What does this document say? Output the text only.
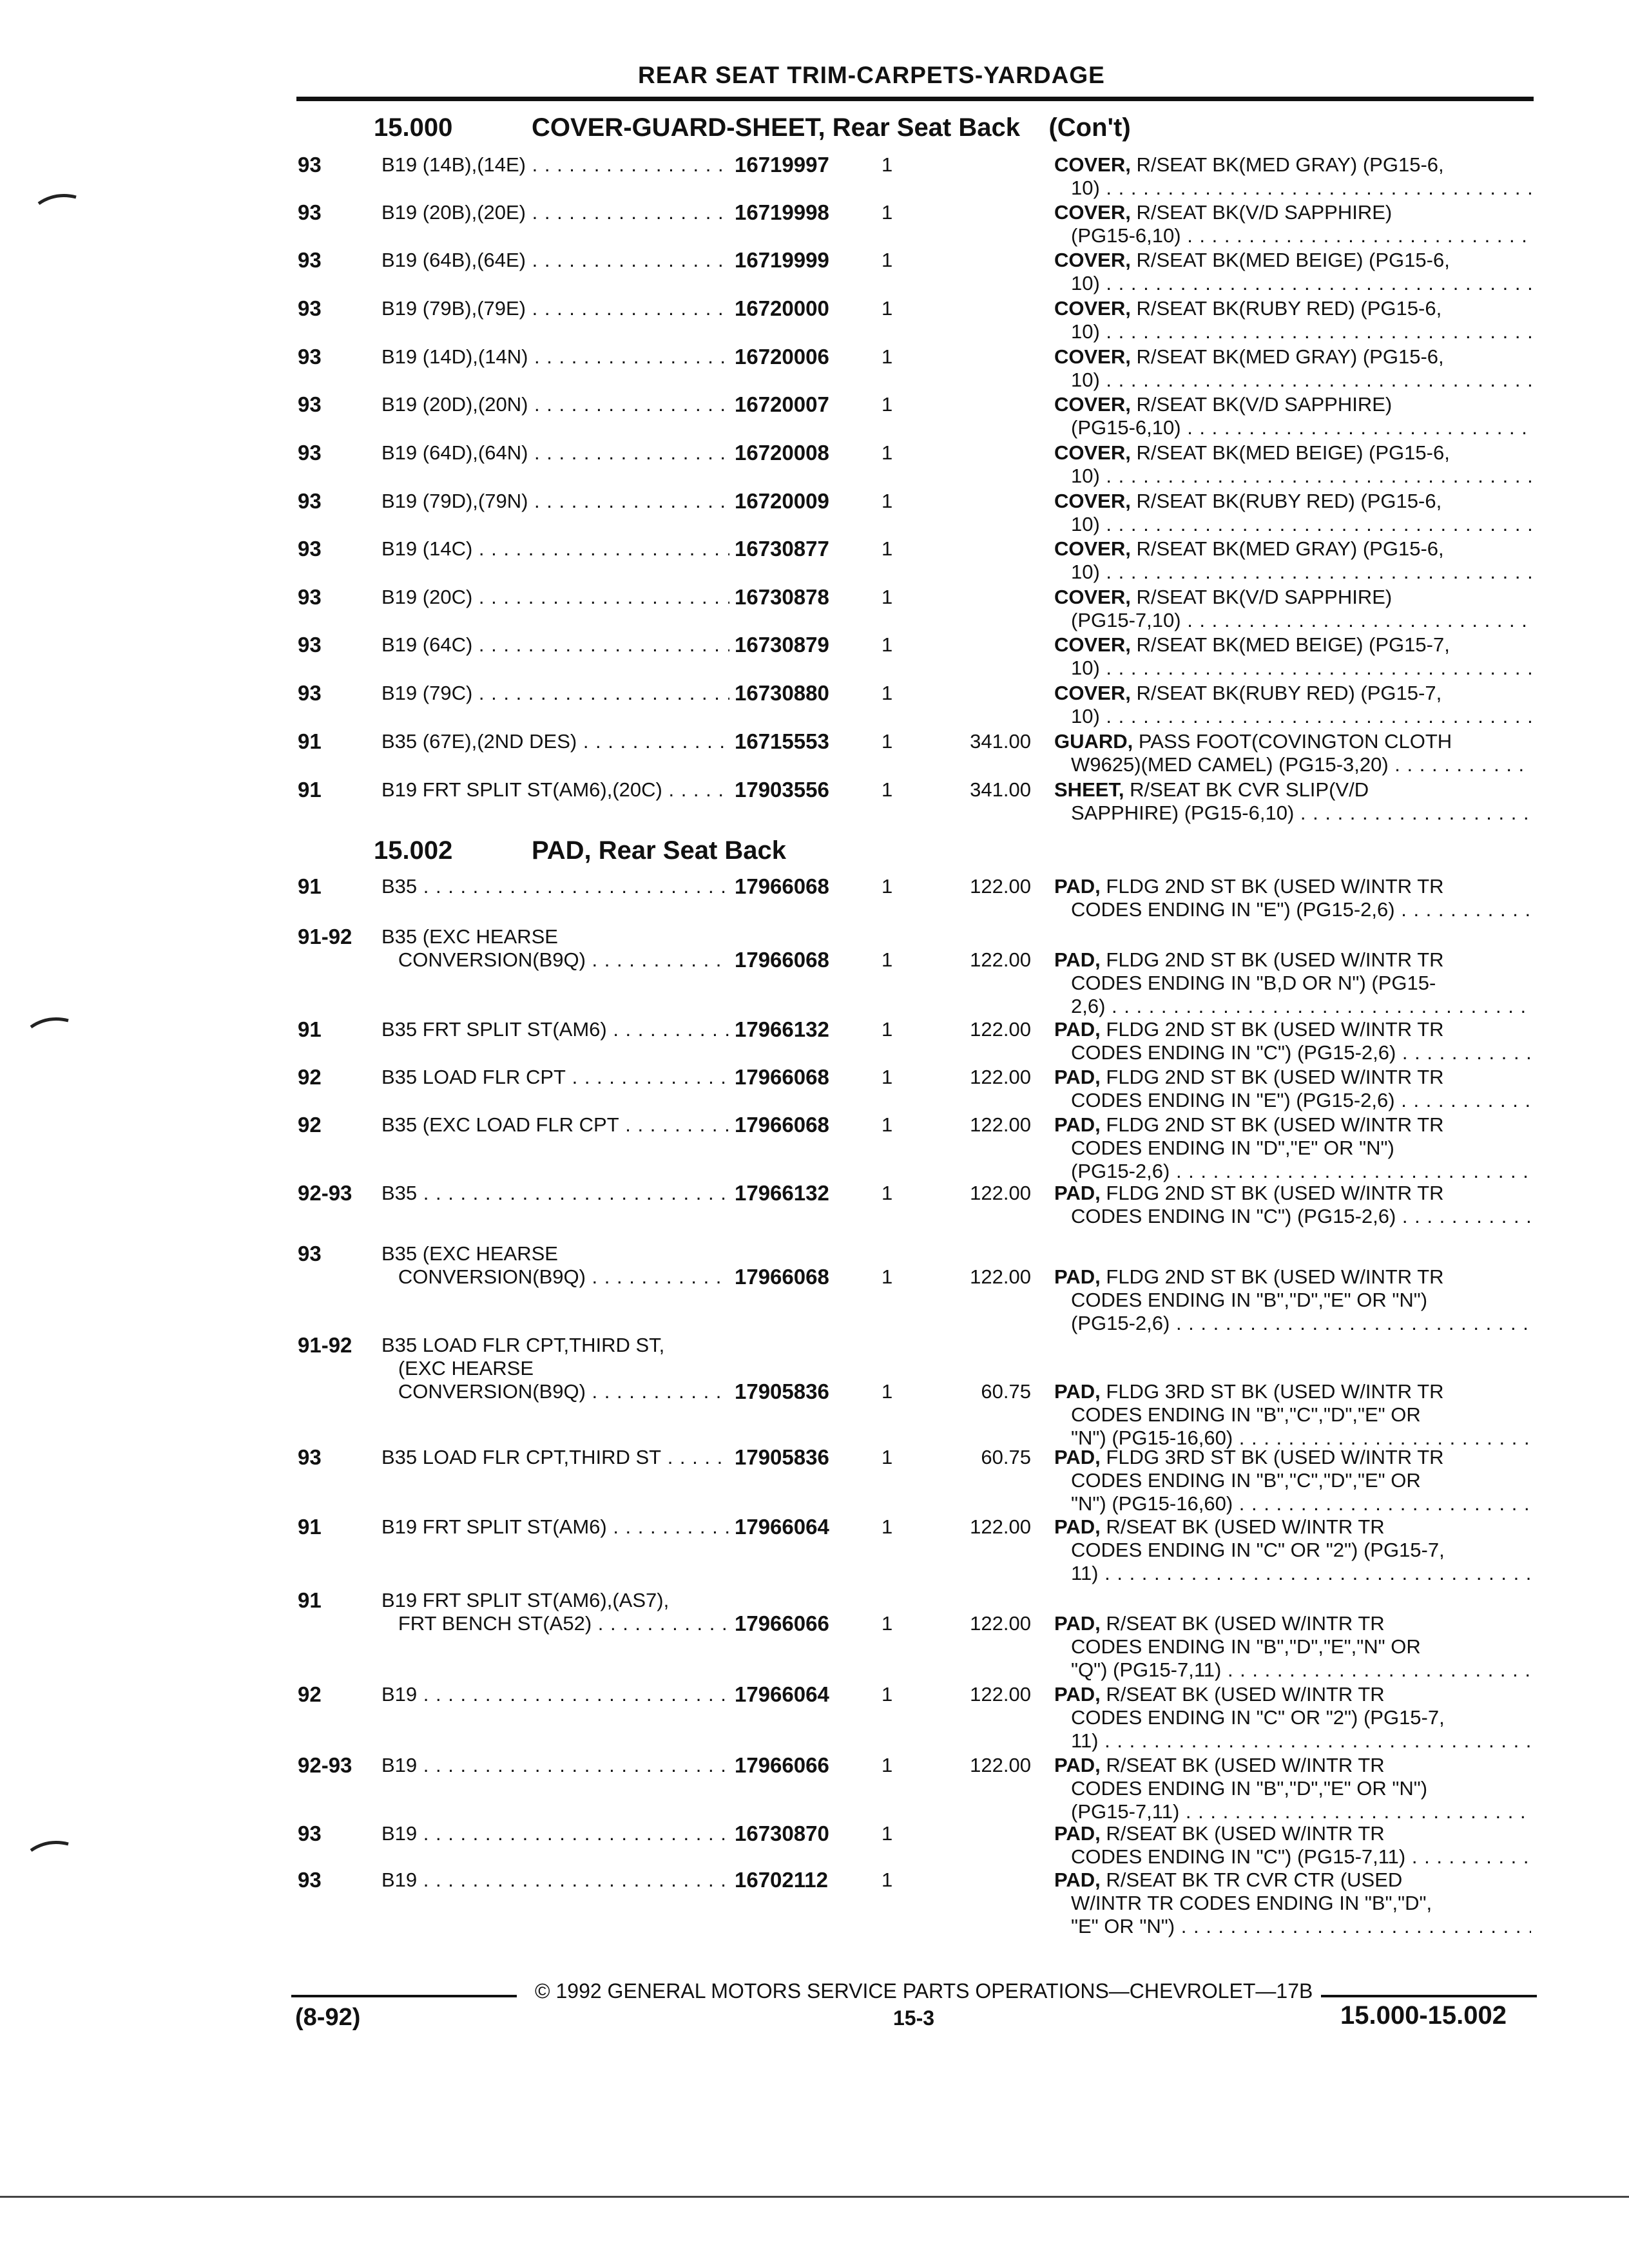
REAR SEAT TRIM-CARPETS-YARDAGE
15.000	COVER-GUARD-SHEET, Rear Seat Back    (Con't)
93	B19 (14B),(14E) . . .	16719997	1	COVER, R/SEAT BK(MED GRAY) (PG15-6,
10) . . .
93	B19 (20B),(20E) . . .	16719998	1	COVER, R/SEAT BK(V/D SAPPHIRE)
(PG15-6,10) . . .
93	B19 (64B),(64E) . . .	16719999	1	COVER, R/SEAT BK(MED BEIGE) (PG15-6,
10) . . .
93	B19 (79B),(79E) . . .	16720000	1	COVER, R/SEAT BK(RUBY RED) (PG15-6,
10) . . .
93	B19 (14D),(14N) . . .	16720006	1	COVER, R/SEAT BK(MED GRAY) (PG15-6,
10) . . .
93	B19 (20D),(20N) . . .	16720007	1	COVER, R/SEAT BK(V/D SAPPHIRE)
(PG15-6,10) . . .
93	B19 (64D),(64N) . . .	16720008	1	COVER, R/SEAT BK(MED BEIGE) (PG15-6,
10) . . .
93	B19 (79D),(79N) . . .	16720009	1	COVER, R/SEAT BK(RUBY RED) (PG15-6,
10) . . .
93	B19 (14C) . . .	16730877	1	COVER, R/SEAT BK(MED GRAY) (PG15-6,
10) . . .
93	B19 (20C) . . .	16730878	1	COVER, R/SEAT BK(V/D SAPPHIRE)
(PG15-7,10) . . .
93	B19 (64C) . . .	16730879	1	COVER, R/SEAT BK(MED BEIGE) (PG15-7,
10) . . .
93	B19 (79C) . . .	16730880	1	COVER, R/SEAT BK(RUBY RED) (PG15-7,
10) . . .
91	B35 (67E),(2ND DES) . . .	16715553	1	341.00 GUARD, PASS FOOT(COVINGTON CLOTH
W9625)(MED CAMEL) (PG15-3,20) . . .
91	B19 FRT SPLIT ST(AM6),(20C) . . .	17903556	1	341.00 SHEET, R/SEAT BK CVR SLIP(V/D
SAPPHIRE) (PG15-6,10) . . .
15.002	PAD, Rear Seat Back
91	B35 . . .	17966068	1	122.00 PAD, FLDG 2ND ST BK (USED W/INTR TR
CODES ENDING IN "E") (PG15-2,6) . . .
91-92	B35 (EXC HEARSE
CONVERSION(B9Q) . . .	17966068	1	122.00 PAD, FLDG 2ND ST BK (USED W/INTR TR
CODES ENDING IN "B,D OR N") (PG15-
2,6) . . .
91	B35 FRT SPLIT ST(AM6) . . .	17966132	1	122.00 PAD, FLDG 2ND ST BK (USED W/INTR TR
CODES ENDING IN "C") (PG15-2,6) . . .
92	B35 LOAD FLR CPT . . .	17966068	1	122.00 PAD, FLDG 2ND ST BK (USED W/INTR TR
CODES ENDING IN "E") (PG15-2,6) . . .
92	B35 (EXC LOAD FLR CPT . . .	17966068	1	122.00 PAD, FLDG 2ND ST BK (USED W/INTR TR
CODES ENDING IN "D","E" OR "N")
(PG15-2,6) . . .
92-93	B35 . . .	17966132	1	122.00 PAD, FLDG 2ND ST BK (USED W/INTR TR
CODES ENDING IN "C") (PG15-2,6) . . .
93	B35 (EXC HEARSE
CONVERSION(B9Q) . . .	17966068	1	122.00 PAD, FLDG 2ND ST BK (USED W/INTR TR
CODES ENDING IN "B","D","E" OR "N")
(PG15-2,6) . . .
91-92	B35 LOAD FLR CPT,THIRD ST,
(EXC HEARSE
CONVERSION(B9Q) . . .	17905836	1	60.75 PAD, FLDG 3RD ST BK (USED W/INTR TR
CODES ENDING IN "B","C","D","E" OR
"N") (PG15-16,60) . . .
93	B35 LOAD FLR CPT,THIRD ST . . .	17905836	1	60.75 PAD, FLDG 3RD ST BK (USED W/INTR TR
CODES ENDING IN "B","C","D","E" OR
"N") (PG15-16,60) . . .
91	B19 FRT SPLIT ST(AM6) . . .	17966064	1	122.00 PAD, R/SEAT BK (USED W/INTR TR
CODES ENDING IN "C" OR "2") (PG15-7,
11) . . .
91	B19 FRT SPLIT ST(AM6),(AS7),
FRT BENCH ST(A52) . . .	17966066	1	122.00 PAD, R/SEAT BK (USED W/INTR TR
CODES ENDING IN "B","D","E","N" OR
"Q") (PG15-7,11) . . .
92	B19 . . .	17966064	1	122.00 PAD, R/SEAT BK (USED W/INTR TR
CODES ENDING IN "C" OR "2") (PG15-7,
11) . . .
92-93	B19 . . .	17966066	1	122.00 PAD, R/SEAT BK (USED W/INTR TR
CODES ENDING IN "B","D","E" OR "N")
(PG15-7,11) . . .
93	B19 . . .	16730870	1	PAD, R/SEAT BK (USED W/INTR TR
CODES ENDING IN "C") (PG15-7,11) . . .
93	B19 . . .	16702112	1	PAD, R/SEAT BK TR CVR CTR (USED
W/INTR TR CODES ENDING IN "B","D",
"E" OR "N") . . .
© 1992 GENERAL MOTORS SERVICE PARTS OPERATIONS—CHEVROLET—17B
(8-92)	15-3	15.000-15.002
